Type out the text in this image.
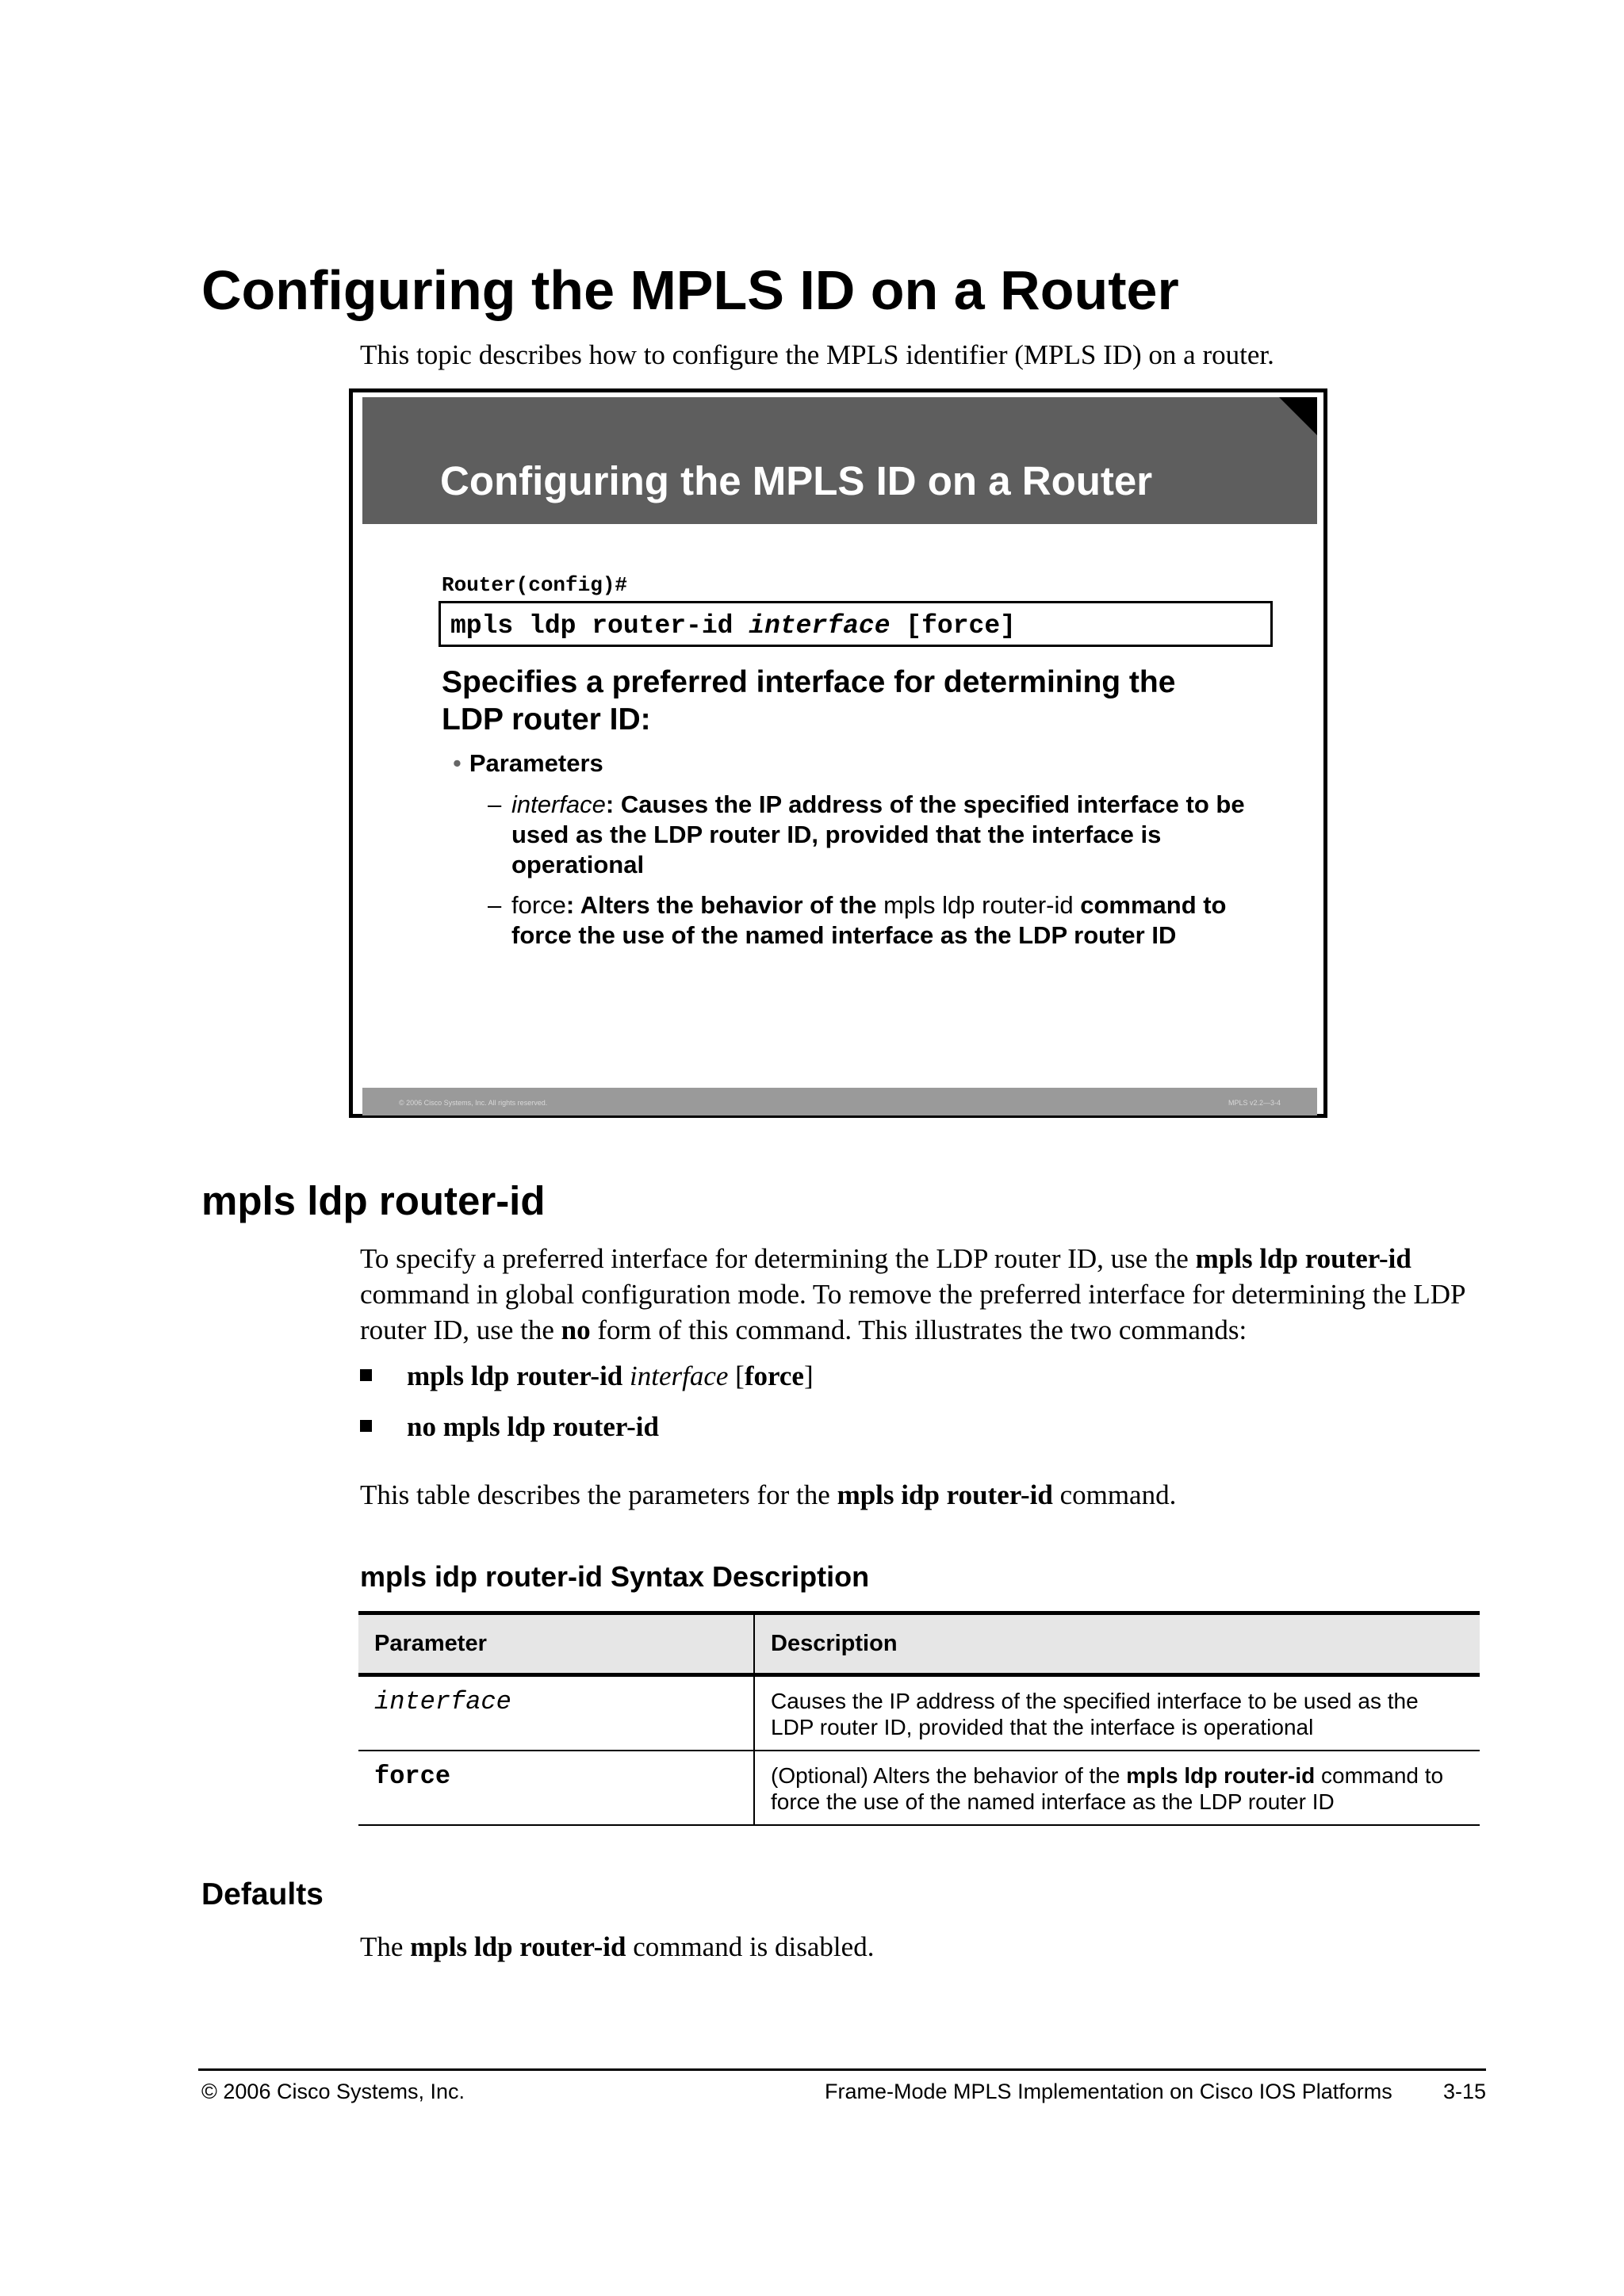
Configuring the MPLS ID on a Router
This topic describes how to configure the MPLS identifier (MPLS ID) on a router.
Configuring the MPLS ID on a Router
Router(config)#
mpls ldp router-id interface [force]
Specifies a preferred interface for determining the LDP router ID:
• Parameters
– interface: Causes the IP address of the specified interface to be used as the LDP router ID, provided that the interface is operational
– force: Alters the behavior of the mpls ldp router-id command to force the use of the named interface as the LDP router ID
© 2006 Cisco Systems, Inc. All rights reserved.	MPLS v2.2—3-4
mpls ldp router-id
To specify a preferred interface for determining the LDP router ID, use the mpls ldp router-id command in global configuration mode. To remove the preferred interface for determining the LDP router ID, use the no form of this command. This illustrates the two commands:
mpls ldp router-id interface [force]
no mpls ldp router-id
This table describes the parameters for the mpls idp router-id command.
mpls idp router-id Syntax Description
Parameter	Description
interface	Causes the IP address of the specified interface to be used as the LDP router ID, provided that the interface is operational
force	(Optional) Alters the behavior of the mpls ldp router-id command to force the use of the named interface as the LDP router ID
Defaults
The mpls ldp router-id command is disabled.
© 2006 Cisco Systems, Inc.	Frame-Mode MPLS Implementation on Cisco IOS Platforms 3-15
